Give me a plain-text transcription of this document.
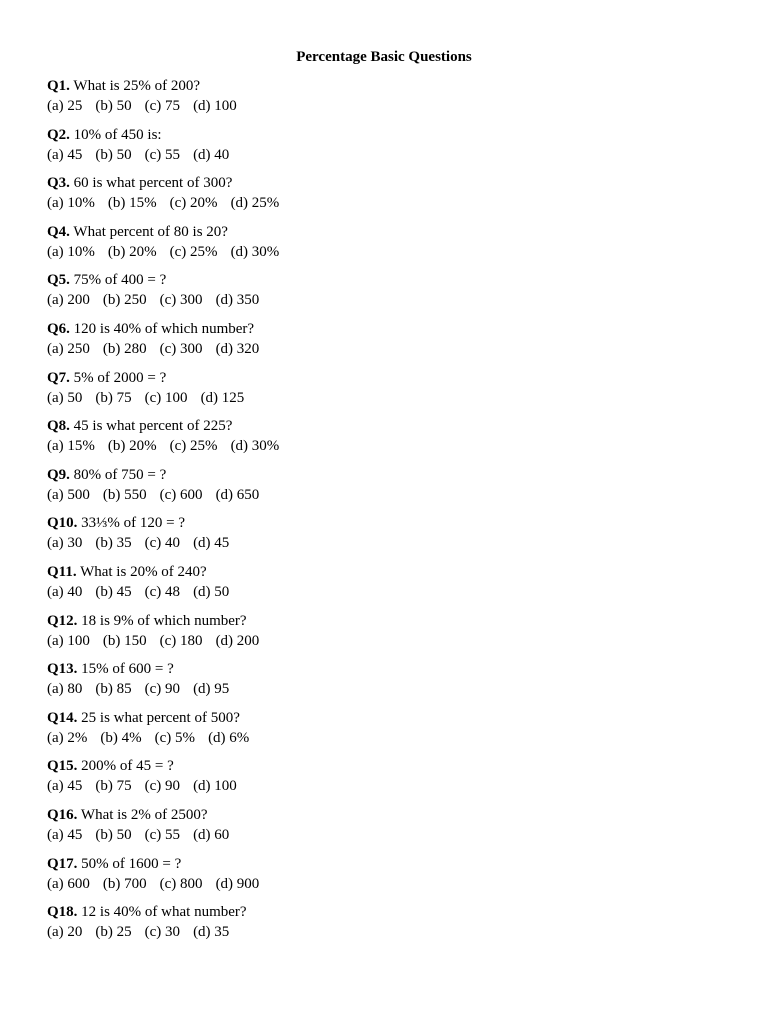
Percentage Basic Questions
Q1. What is 25% of 200?
(a) 25 (b) 50 (c) 75 (d) 100
Q2. 10% of 450 is:
(a) 45 (b) 50 (c) 55 (d) 40
Q3. 60 is what percent of 300?
(a) 10% (b) 15% (c) 20% (d) 25%
Q4. What percent of 80 is 20?
(a) 10% (b) 20% (c) 25% (d) 30%
Q5. 75% of 400 = ?
(a) 200 (b) 250 (c) 300 (d) 350
Q6. 120 is 40% of which number?
(a) 250 (b) 280 (c) 300 (d) 320
Q7. 5% of 2000 = ?
(a) 50 (b) 75 (c) 100 (d) 125
Q8. 45 is what percent of 225?
(a) 15% (b) 20% (c) 25% (d) 30%
Q9. 80% of 750 = ?
(a) 500 (b) 550 (c) 600 (d) 650
Q10. 33⅓% of 120 = ?
(a) 30 (b) 35 (c) 40 (d) 45
Q11. What is 20% of 240?
(a) 40 (b) 45 (c) 48 (d) 50
Q12. 18 is 9% of which number?
(a) 100 (b) 150 (c) 180 (d) 200
Q13. 15% of 600 = ?
(a) 80 (b) 85 (c) 90 (d) 95
Q14. 25 is what percent of 500?
(a) 2% (b) 4% (c) 5% (d) 6%
Q15. 200% of 45 = ?
(a) 45 (b) 75 (c) 90 (d) 100
Q16. What is 2% of 2500?
(a) 45 (b) 50 (c) 55 (d) 60
Q17. 50% of 1600 = ?
(a) 600 (b) 700 (c) 800 (d) 900
Q18. 12 is 40% of what number?
(a) 20 (b) 25 (c) 30 (d) 35
